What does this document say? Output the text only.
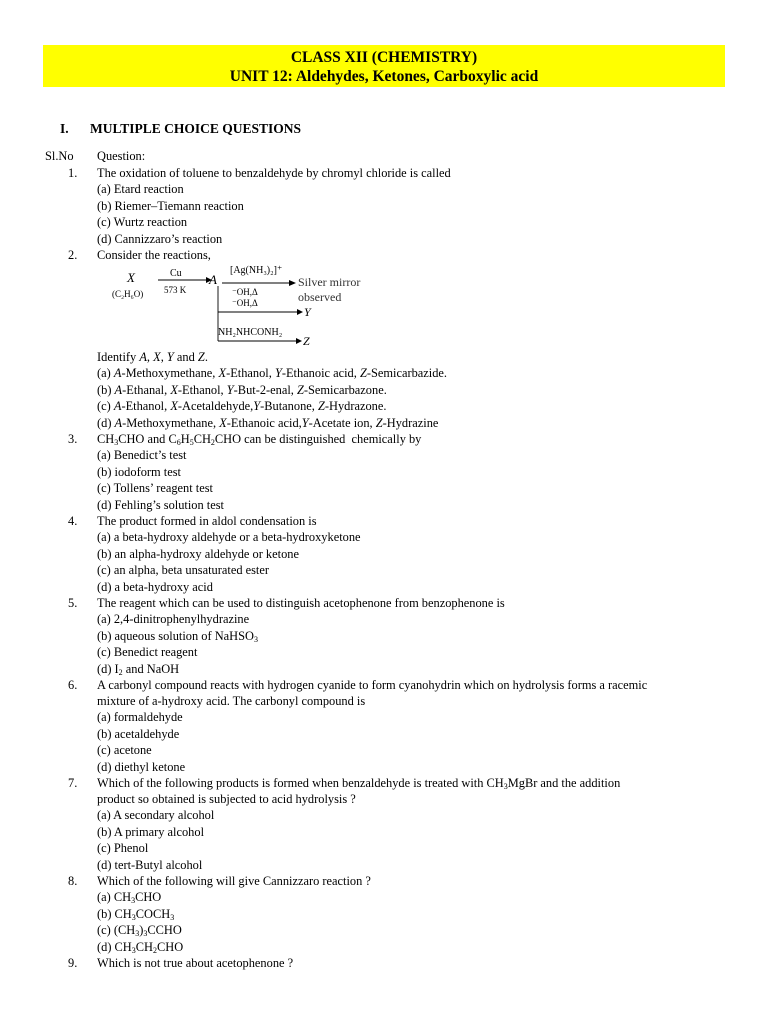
CLASS XII (CHEMISTRY)
UNIT 12: Aldehydes, Ketones, Carboxylic acid
I. MULTIPLE CHOICE QUESTIONS
Sl.No Question:
1. The oxidation of toluene to benzaldehyde by chromyl chloride is called
(a) Etard reaction
(b) Riemer–Tiemann reaction
(c) Wurtz reaction
(d) Cannizzaro’s reaction
2. Consider the reactions,
X
(C₂H₆O)
Cu
573 K
A
[Ag(NH₃)₂]⁺
Silver mirror
observed
⁻OH,Δ
⁻OH,Δ
Y
NH₂NHCONH₂
Z
Identify A, X, Y and Z.
(a) A-Methoxymethane, X-Ethanol, Y-Ethanoic acid, Z-Semicarbazide.
(b) A-Ethanal, X-Ethanol, Y-But-2-enal, Z-Semicarbazone.
(c) A-Ethanol, X-Acetaldehyde,Y-Butanone, Z-Hydrazone.
(d) A-Methoxymethane, X-Ethanoic acid,Y-Acetate ion, Z-Hydrazine
3. $CH_3CHO$ and $C_6H_5CH_2CHO$ can be distinguished  chemically by
(a) Benedict’s test
(b) iodoform test
(c) Tollens’ reagent test
(d) Fehling’s solution test
4. The product formed in aldol condensation is
(a) a beta-hydroxy aldehyde or a beta-hydroxyketone
(b) an alpha-hydroxy aldehyde or ketone
(c) an alpha, beta unsaturated ester
(d) a beta-hydroxy acid
5. The reagent which can be used to distinguish acetophenone from benzophenone is
(a) 2,4-dinitrophenylhydrazine
(b) aqueous solution of NaHSO$_3$
(c) Benedict reagent
(d) $I_2$ and NaOH
6. A carbonyl compound reacts with hydrogen cyanide to form cyanohydrin which on hydrolysis forms a racemic
mixture of a-hydroxy acid. The carbonyl compound is
(a) formaldehyde
(b) acetaldehyde
(c) acetone
(d) diethyl ketone
7. Which of the following products is formed when benzaldehyde is treated with $CH_3MgBr$ and the addition
product so obtained is subjected to acid hydrolysis ?
(a) A secondary alcohol
(b) A primary alcohol
(c) Phenol
(d) tert-Butyl alcohol
8. Which of the following will give Cannizzaro reaction ?
(a) $CH_3CHO$
(b) $CH_3COCH_3$
(c) $(CH_3)_3CCHO$
(d) $CH_3CH_2CHO$
9. Which is not true about acetophenone ?
